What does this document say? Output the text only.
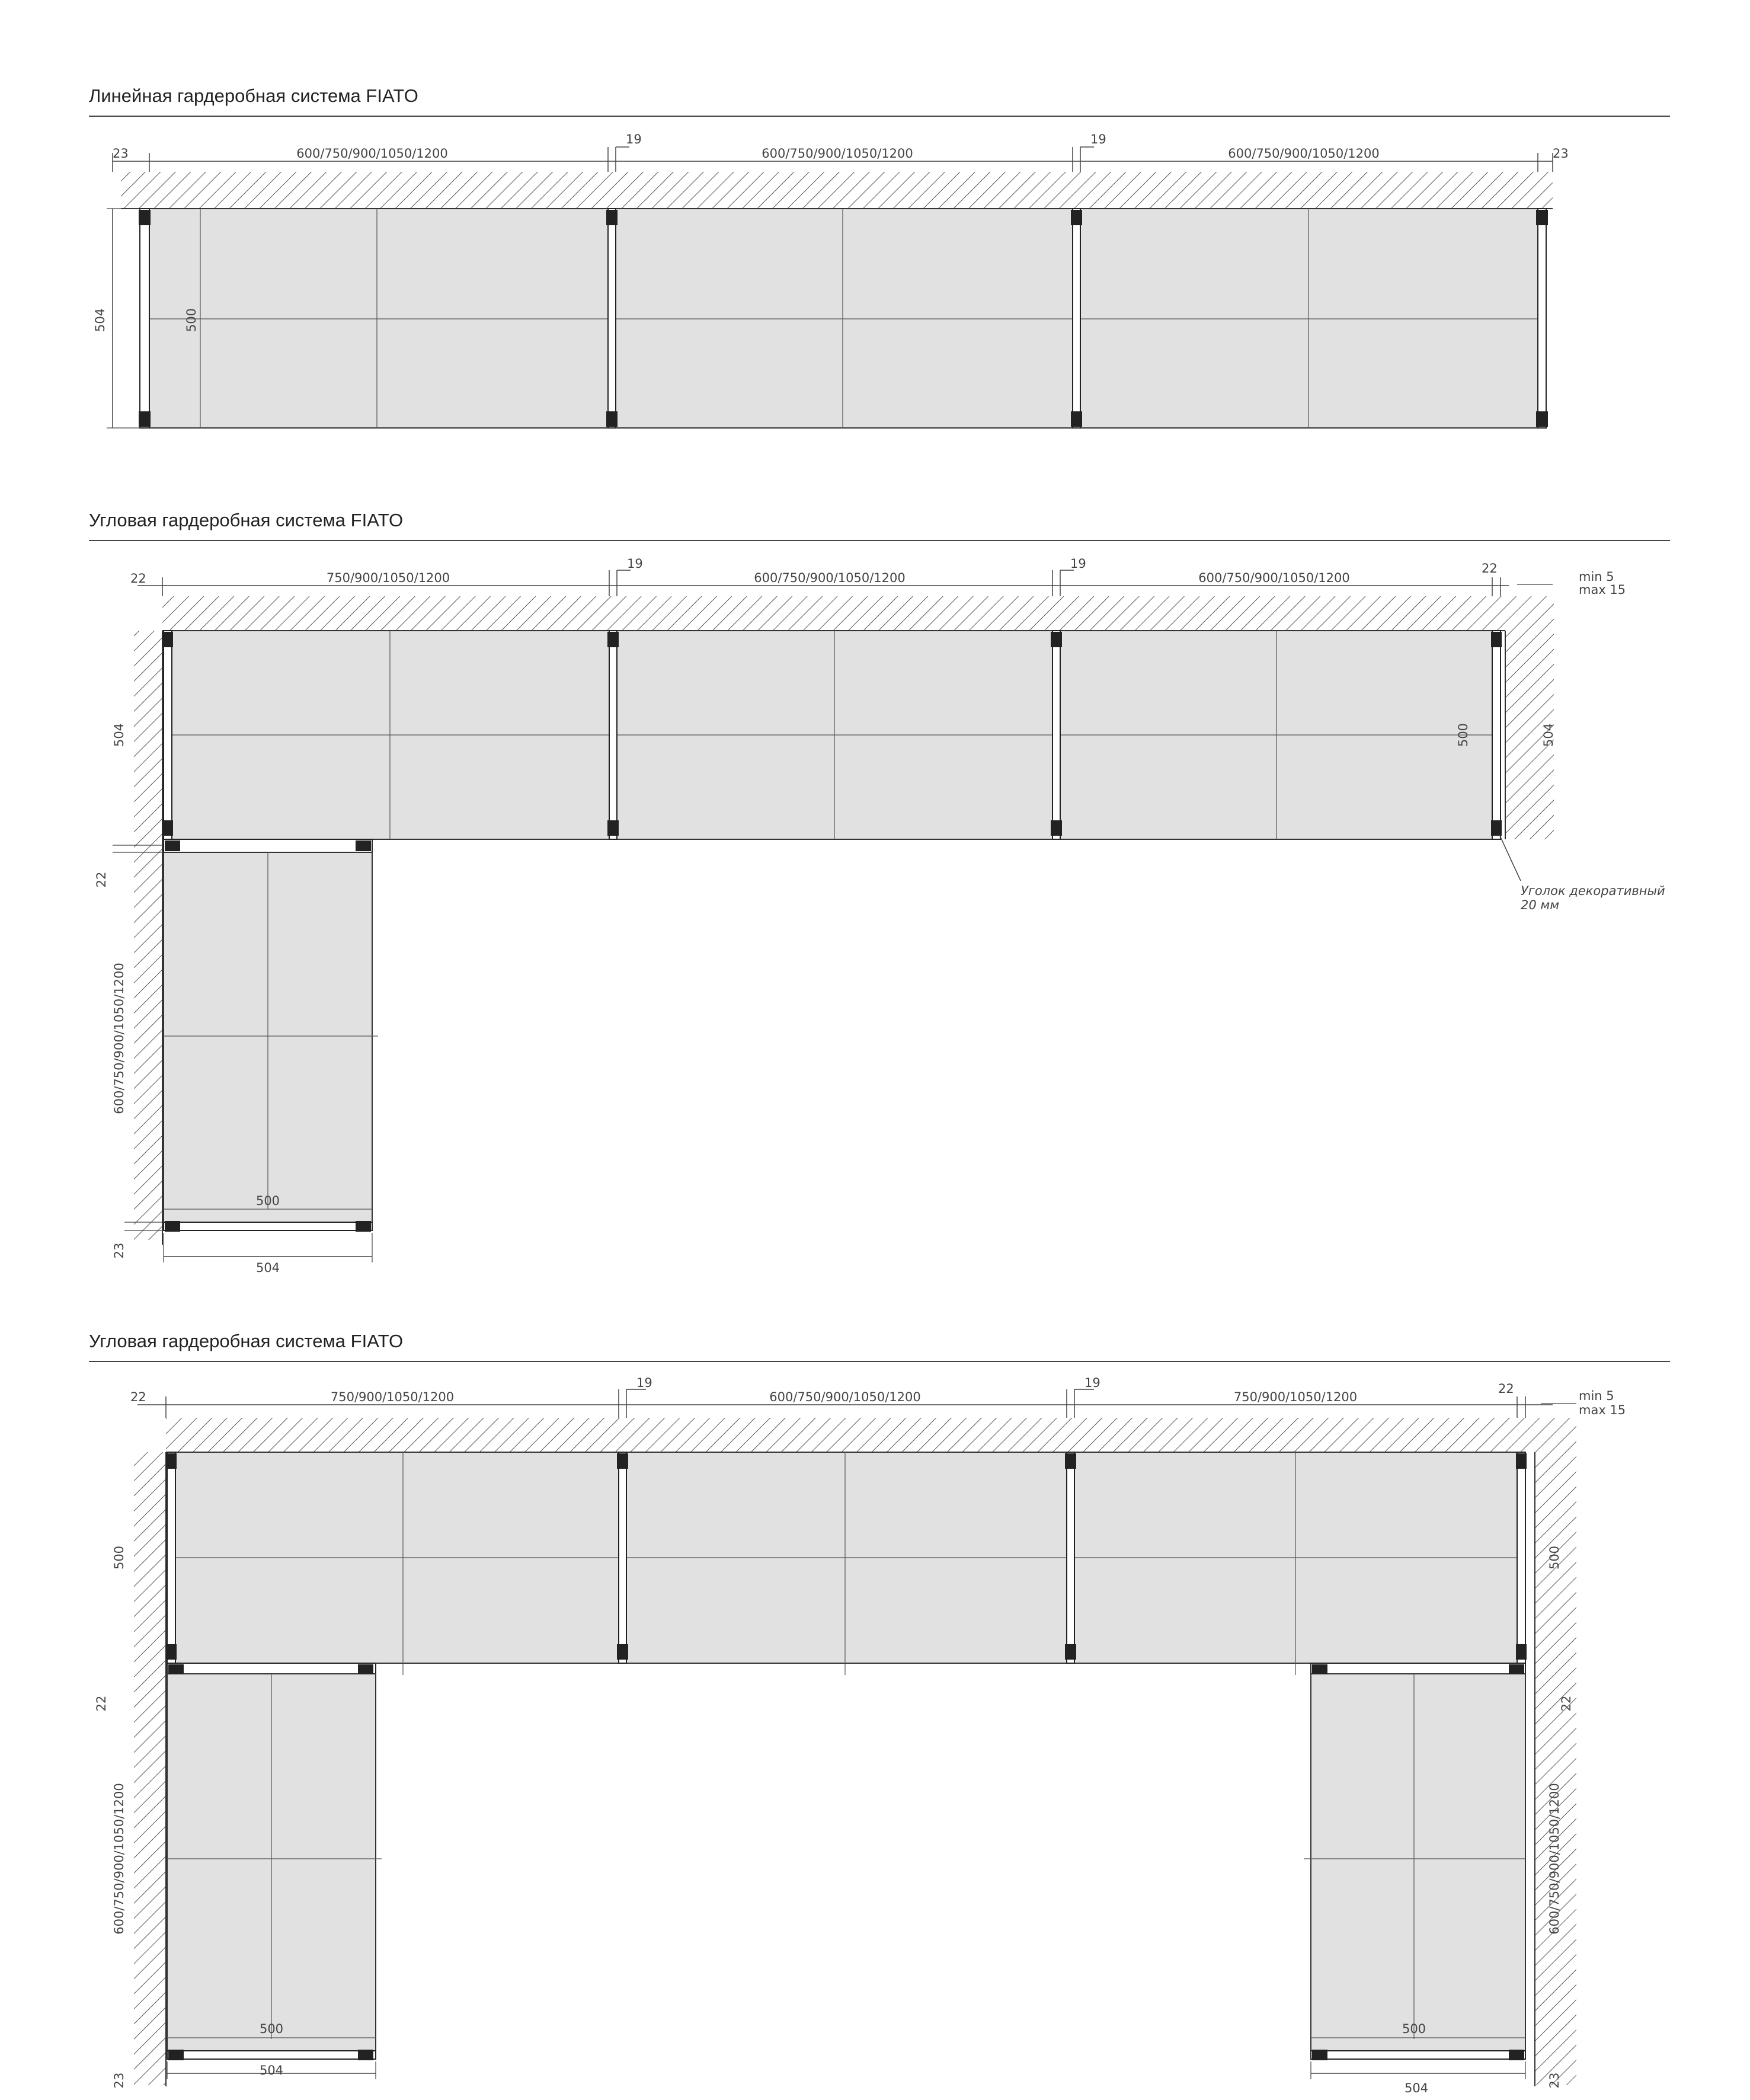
Линейная гардеробная система FIATO
Угловая гардеробная система FIATO
Угловая гардеробная система FIATO
23	23
600/750/900/1050/1200	600/750/900/1050/1200	600/750/900/1050/1200
19	19
504	500
22
22
750/900/1050/1200	600/750/900/1050/1200	600/750/900/1050/1200
19	19
min 5
max 15
504	500	504
500
504
22
600/750/900/1050/1200
23
Уголок декоративный
20 мм
22
22
750/900/1050/1200	600/750/900/1050/1200	750/900/1050/1200
19	19
min 5
max 15
500	500
500
504
22
600/750/900/1050/1200
23
500
504
22
600/750/900/1050/1200
23
